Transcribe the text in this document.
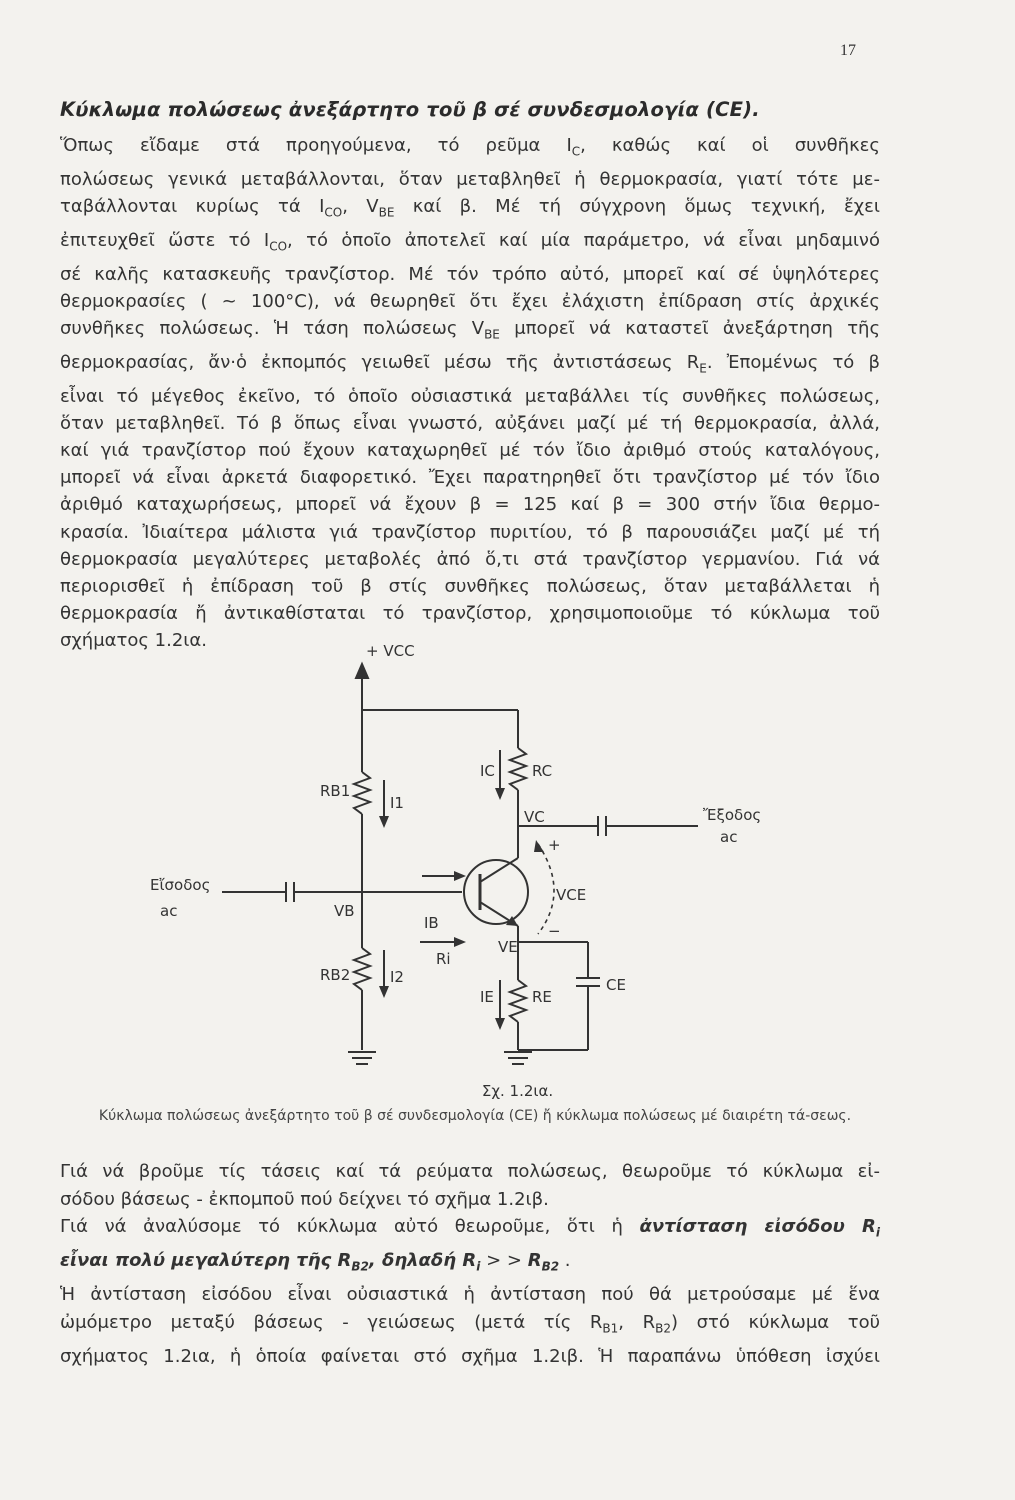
17
Κύκλωμα πολώσεως ἀνεξάρτητο τοῦ β σέ συνδεσμολογία (CE).
Ὅπως εἴδαμε στά προηγούμενα, τό ρεῦμα $I_C$, καθώς καί οἱ συνθῆκες
πολώσεως γενικά μεταβάλλονται, ὅταν μεταβληθεῖ ἡ θερμοκρασία, γιατί τότε με-
ταβάλλονται κυρίως τά $I_{CO}$, $V_{BE}$ καί β. Μέ τή σύγχρονη ὅμως τεχνική, ἔχει
ἐπιτευχθεῖ ὥστε τό $I_{CO}$, τό ὁποῖο ἀποτελεῖ καί μία παράμετρο, νά εἶναι μηδαμινό
σέ καλῆς κατασκευῆς τρανζίστορ. Μέ τόν τρόπο αὐτό, μπορεῖ καί σέ ὑψηλότερες
θερμοκρασίες ( ~ 100°C), νά θεωρηθεῖ ὅτι ἔχει ἐλάχιστη ἐπίδραση στίς ἀρχικές
συνθῆκες πολώσεως. Ἡ τάση πολώσεως $V_{BE}$ μπορεῖ νά καταστεῖ ἀνεξάρτηση τῆς
θερμοκρασίας, ἄν·ὁ ἐκπομπός γειωθεῖ μέσω τῆς ἀντιστάσεως $R_E$. Ἐπομένως τό β
εἶναι τό μέγεθος ἐκεῖνο, τό ὁποῖο οὐσιαστικά μεταβάλλει τίς συνθῆκες πολώσεως,
ὅταν μεταβληθεῖ. Τό β ὅπως εἶναι γνωστό, αὐξάνει μαζί μέ τή θερμοκρασία, ἀλλά,
καί γιά τρανζίστορ πού ἔχουν καταχωρηθεῖ μέ τόν ἴδιο ἀριθμό στούς καταλόγους,
μπορεῖ νά εἶναι ἀρκετά διαφορετικό. Ἔχει παρατηρηθεῖ ὅτι τρανζίστορ μέ τόν ἴδιο
ἀριθμό καταχωρήσεως, μπορεῖ νά ἔχουν β = 125 καί β = 300 στήν ἴδια θερμο-
κρασία. Ἰδιαίτερα μάλιστα γιά τρανζίστορ πυριτίου, τό β παρουσιάζει μαζί μέ τή
θερμοκρασία μεγαλύτερες μεταβολές ἀπό ὅ,τι στά τρανζίστορ γερμανίου. Γιά νά
περιορισθεῖ ἡ ἐπίδραση τοῦ β στίς συνθῆκες πολώσεως, ὅταν μεταβάλλεται ἡ
θερμοκρασία ἤ ἀντικαθίσταται τό τρανζίστορ, χρησιμοποιοῦμε τό κύκλωμα τοῦ
σχήματος 1.2ια.	+ VCC
RB1
I1
IC RC
VC	Ἔξοδος
ac
Εἴσοδος
ac	VB
IB
Ri
VCE
VE
RB2	I2
IE	RE
CE
+
−
Σχ. 1.2ια.
Κύκλωμα πολώσεως ἀνεξάρτητο τοῦ β σέ συνδεσμολογία (CE) ἤ κύκλωμα πολώσεως μέ διαιρέτη τά-σεως.
Γιά νά βροῦμε τίς τάσεις καί τά ρεύματα πολώσεως, θεωροῦμε τό κύκλωμα εἰ-
σόδου βάσεως - ἐκπομποῦ πού δείχνει τό σχῆμα 1.2ιβ.
Γιά νά ἀναλύσομε τό κύκλωμα αὐτό θεωροῦμε, ὅτι ἡ ἀντίσταση εἰσόδου $R_i$
εἶναι πολύ μεγαλύτερη τῆς $R_{B2}$, δηλαδή $R_i$ > > $R_{B2}$ .
Ἡ ἀντίσταση εἰσόδου εἶναι οὐσιαστικά ἡ ἀντίσταση πού θά μετρούσαμε μέ ἕνα
ὠμόμετρο μεταξύ βάσεως - γειώσεως (μετά τίς $R_{B1}$, $R_{B2}$) στό κύκλωμα τοῦ
σχήματος 1.2ια, ἡ ὁποία φαίνεται στό σχῆμα 1.2ιβ. Ἡ παραπάνω ὑπόθεση ἰσχύει
